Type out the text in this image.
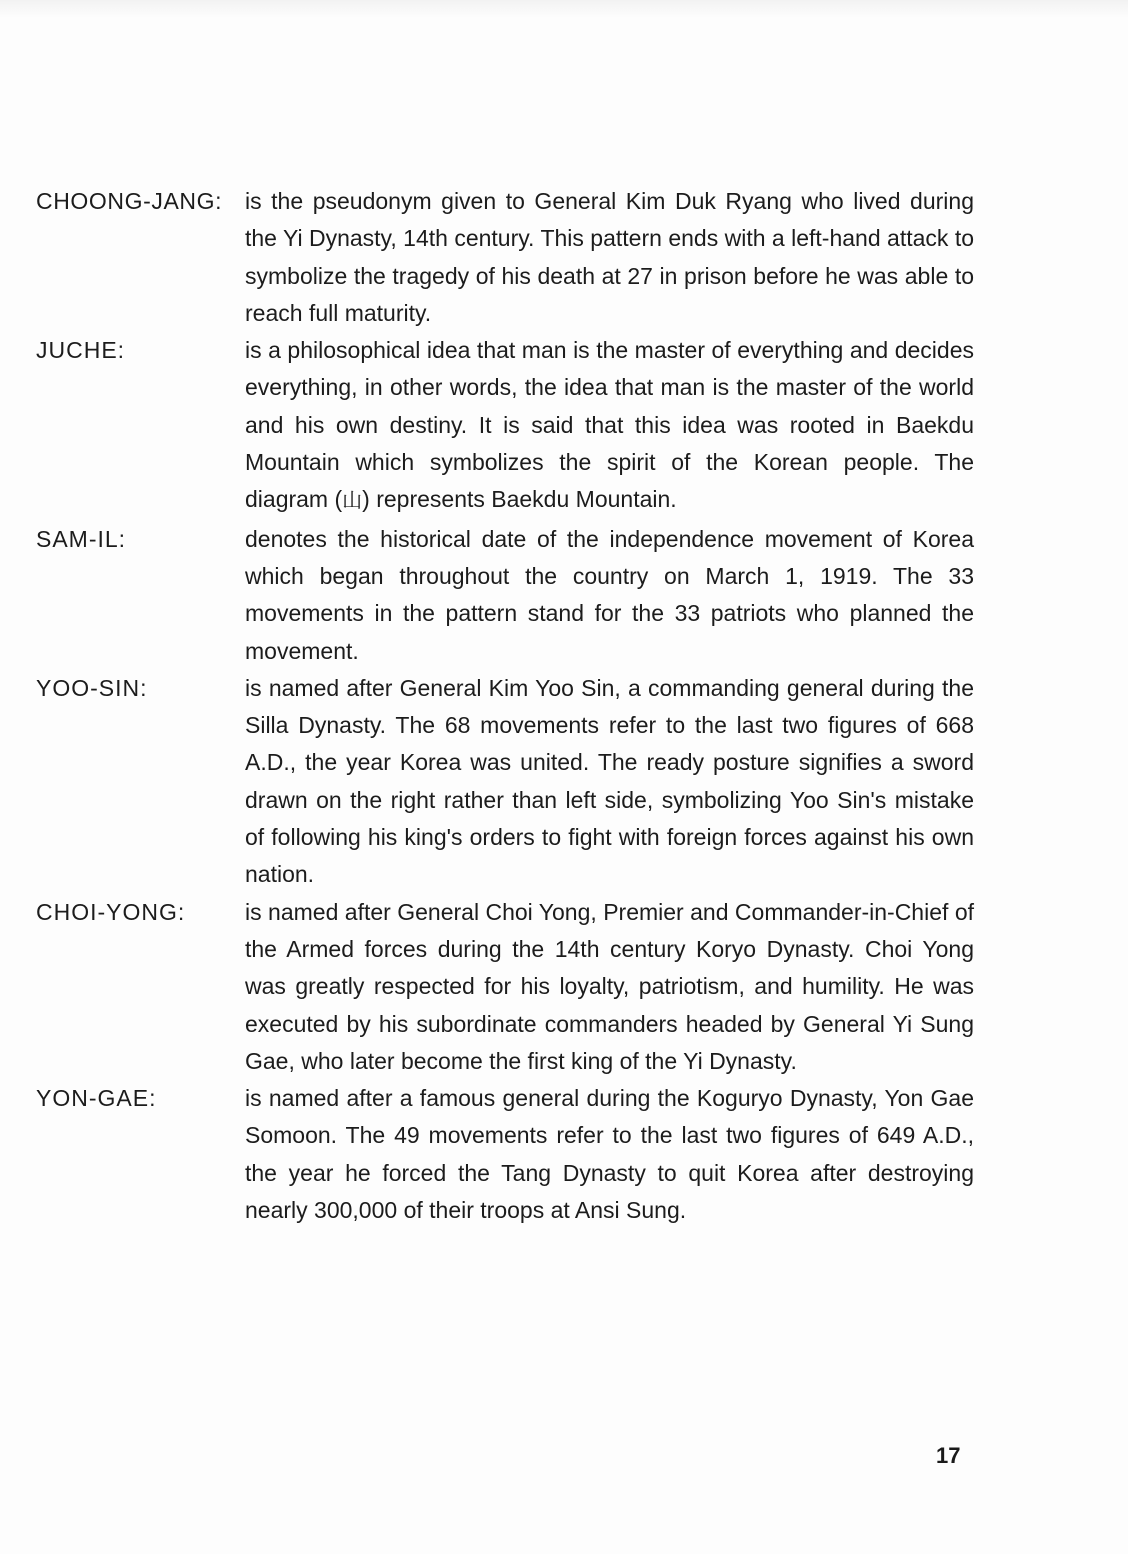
CHOONG-JANG: is the pseudonym given to General Kim Duk Ryang who lived during the Yi Dynasty, 14th century. This pattern ends with a left-hand attack to symbolize the tragedy of his death at 27 in prison before he was able to reach full maturity.
JUCHE:	is a philosophical idea that man is the master of everything and decides everything, in other words, the idea that man is the master of the world and his own destiny. It is said that this idea was rooted in Baekdu Mountain which symbolizes the spirit of the Korean people. The diagram (山) represents Baekdu Mountain.
SAM-IL:	denotes the historical date of the independence movement of Korea which began throughout the country on March 1, 1919. The 33 movements in the pattern stand for the 33 patriots who planned the movement.
YOO-SIN:	is named after General Kim Yoo Sin, a commanding general during the Silla Dynasty. The 68 movements refer to the last two figures of 668 A.D., the year Korea was united. The ready posture signifies a sword drawn on the right rather than left side, symbolizing Yoo Sin's mistake of following his king's orders to fight with foreign forces against his own nation.
CHOI-YONG:	is named after General Choi Yong, Premier and Commander-in-Chief of the Armed forces during the 14th century Koryo Dynasty. Choi Yong was greatly respected for his loyalty, patriotism, and humility. He was executed by his subordinate commanders headed by General Yi Sung Gae, who later become the first king of the Yi Dynasty.
YON-GAE:	is named after a famous general during the Koguryo Dynasty, Yon Gae Somoon. The 49 movements refer to the last two figures of 649 A.D., the year he forced the Tang Dynasty to quit Korea after destroying nearly 300,000 of their troops at Ansi Sung.
17
